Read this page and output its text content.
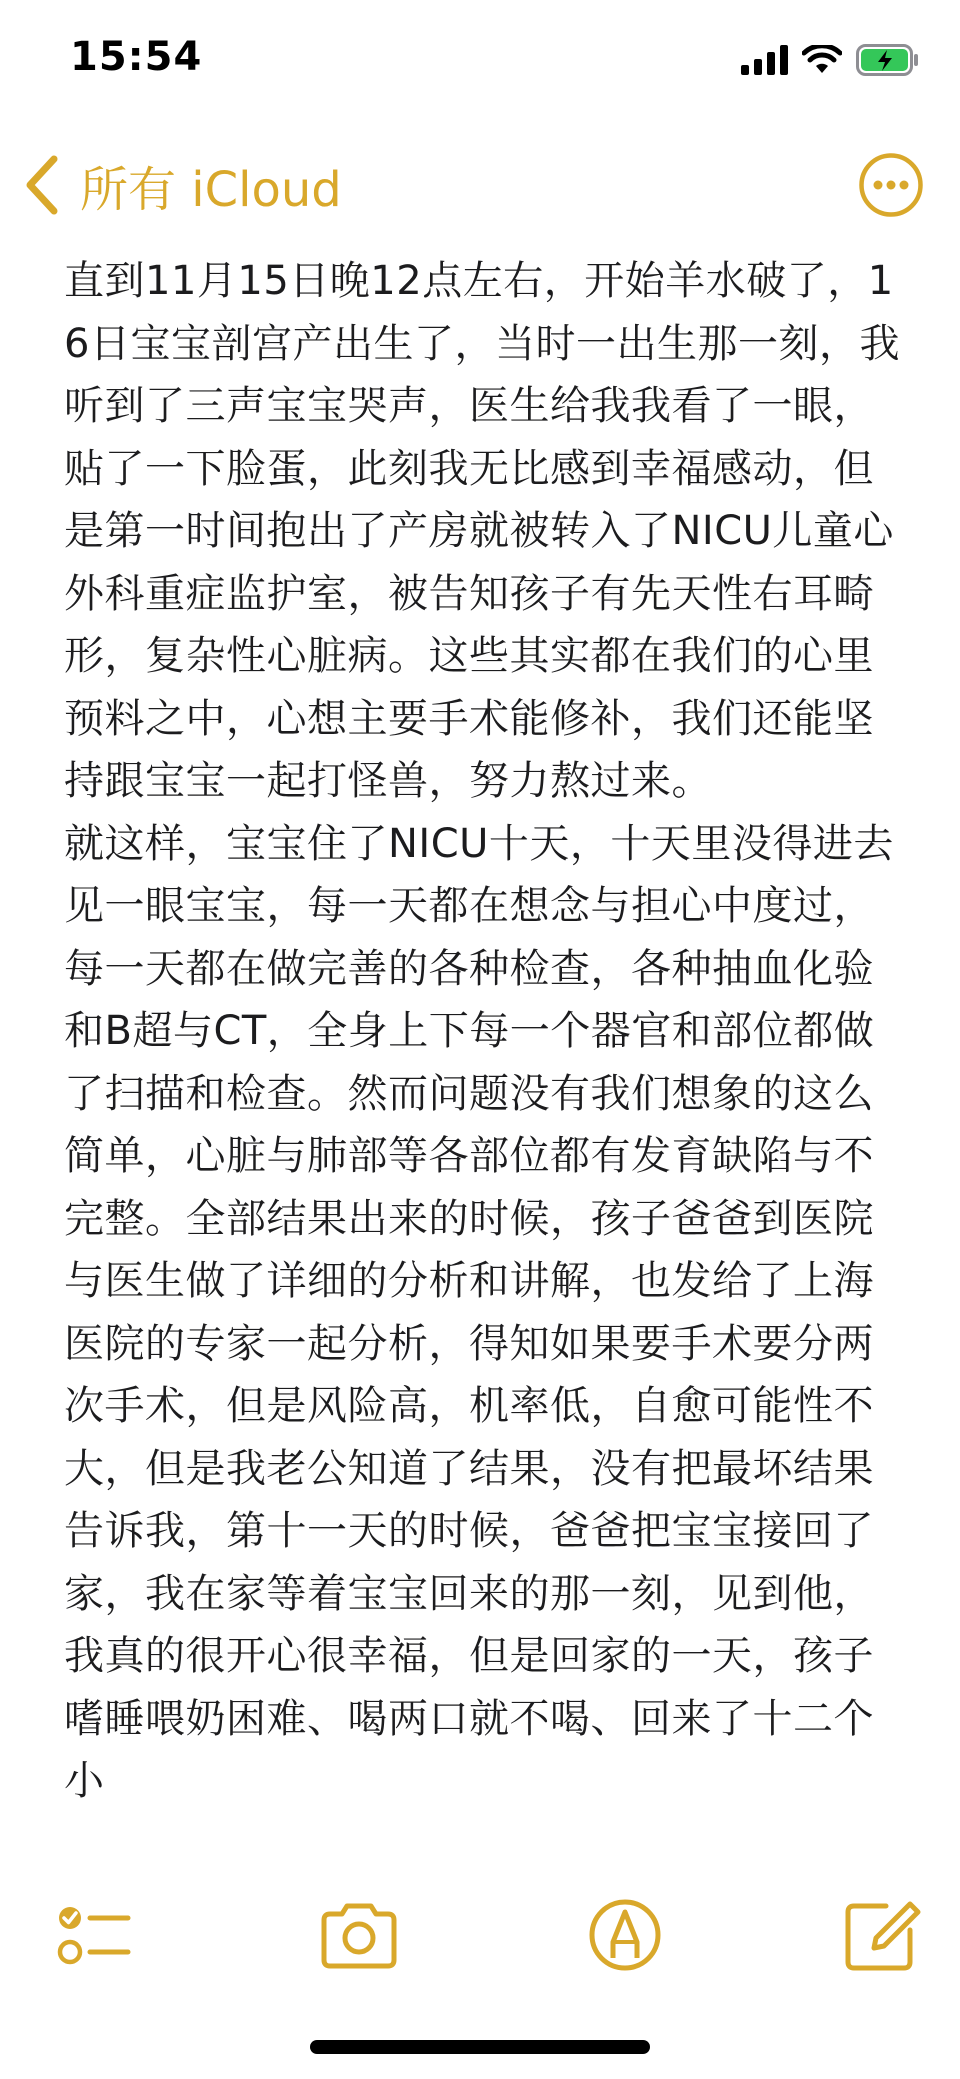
15:54
所有 iCloud

直到11月15日晚12点左右，开始羊水破了，16日宝宝剖宫产出生了，当时一出生那一刻，我听到了三声宝宝哭声，医生给我我看了一眼，贴了一下脸蛋，此刻我无比感到幸福感动，但是第一时间抱出了产房就被转入了NICU儿童心外科重症监护室，被告知孩子有先天性右耳畸形，复杂性心脏病。这些其实都在我们的心里预料之中，心想主要手术能修补，我们还能坚持跟宝宝一起打怪兽，努力熬过来。

就这样，宝宝住了NICU十天，十天里没得进去见一眼宝宝，每一天都在想念与担心中度过，每一天都在做完善的各种检查，各种抽血化验和B超与CT，全身上下每一个器官和部位都做了扫描和检查。然而问题没有我们想象的这么简单，心脏与肺部等各部位都有发育缺陷与不完整。全部结果出来的时候，孩子爸爸到医院与医生做了详细的分析和讲解，也发给了上海医院的专家一起分析，得知如果要手术要分两次手术，但是风险高，机率低，自愈可能性不大，但是我老公知道了结果，没有把最坏结果告诉我，第十一天的时候，爸爸把宝宝接回了家，我在家等着宝宝回来的那一刻，见到他，我真的很开心很幸福，但是回家的一天，孩子嗜睡喂奶困难、喝两口就不喝、回来了十二个小
